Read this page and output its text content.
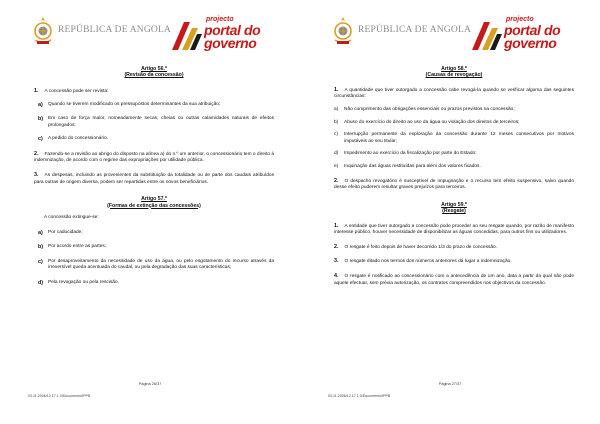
REPÚBLICA DE ANGOLA
projecto
portal do
governo
Artigo 56.º
(Revisão da concessão)
1. A concessão pode ser revista:
a) Quando se tiverem modificado os pressupostos determinantes da sua atribuição;
b) Em caso de força maior, nomeadamente secas, cheias ou outras calamidades naturais de efeitos prolongados;
c) A pedido do concessionário.
2. Fazendo-se a revisão ao abrigo do disposto na alínea a) do n.º um anterior, o concessionário tem o direito à indemnização, de acordo com o regime das expropriações por utilidade pública.
3. As despesas, incluindo as provenientes da substituição da totalidade ou de parte dos caudais atribuídos para outras de origem diversa, podem ser repartidas entre os novos beneficiários.
Artigo 57.º
(Formas de extinção das concessões)
A concessão extingue-se:
a) Por caducidade;
b) Por acordo entre as partes;
c) Por desaproveitamento da necessidade de uso da água, ou pelo esgotamento do recurso através da irreversível queda acentuada do caudal, ou pela degradação das suas características;
d) Pela revogação ou pela rescisão.
Página 26/37
03.11.2006/12.17.1 0/Documento/IPPB
REPÚBLICA DE ANGOLA
projecto
portal do
governo
Artigo 58.º
(Causas de revogação)
1. A quantidade que tiver outorgado a concessão cabe revogá-la quando se verificar alguma das seguintes circunstâncias:
a) Não cumprimento das obrigações essenciais ou prazos previstos na concessão;
b) Abuso do exercício do direito ao uso da água ou violação dos direitos de terceiros;
c) Interrupção permanente da exploração da concessão durante 12 meses consecutivos por motivos imputáveis ao seu titular;
d) Impedimento ao exercício da fiscalização por parte do Estado;
e) Inquinação das águas restituídas para além dos valores fixados.
2. O despacho revogatório é susceptível de impugnação e o recurso tem efeito suspensivo, salvo quando desse efeito puderem resultar graves prejuízos para terceiros.
Artigo 59.º
(Resgate)
1. A entidade que tiver outorgado a concessão pode proceder ao seu resgate quando, por razão de manifesto interesse público, houver necessidade de disponibilizar as águas concedidas, para outros fins ou utilizadores.
2. O resgate é feito depois de haver decorrido 1/3 do prazo de concessão.
3. O resgate ditado nos termos dos números anteriores dá lugar a indemnização.
4. O resgate é notificado ao concessionário com a antecedência de um ano, data a partir da qual não pode aquele efectuar, sem prévia autorização, os contratos compreendidos nos objectivos da concessão.
Página 27/37
03.11.2006/12.17.1 0/Documento/IPPB
